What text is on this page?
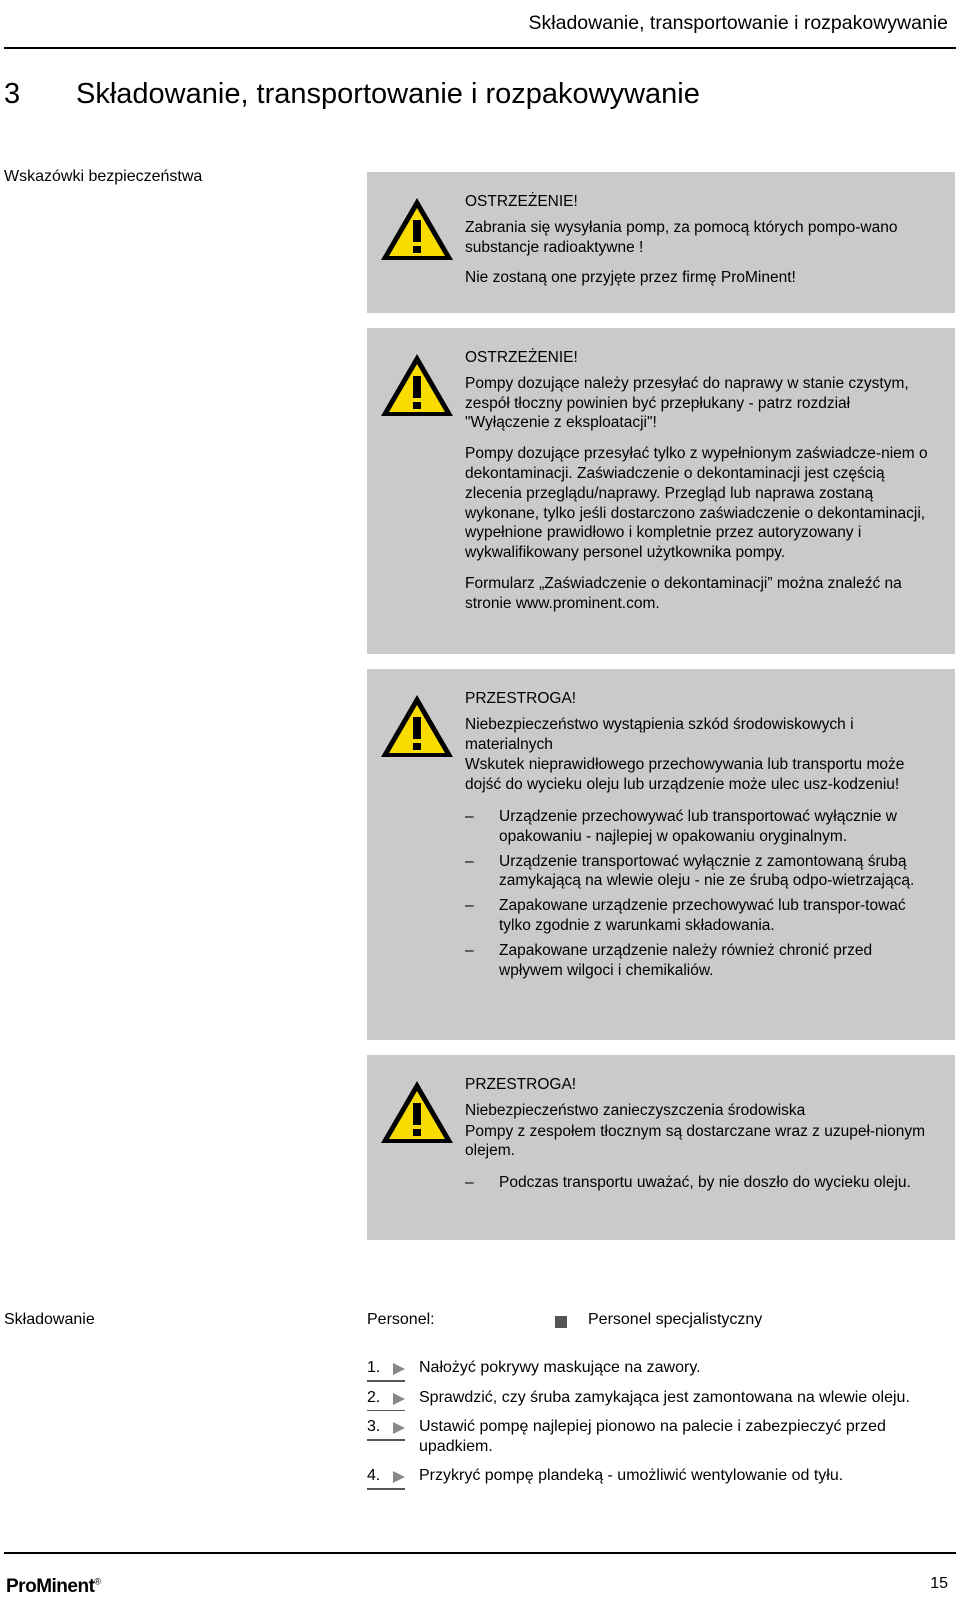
Składowanie, transportowanie i rozpakowywanie
3 Składowanie, transportowanie i rozpakowywanie
Wskazówki bezpieczeństwa

OSTRZEŻENIE!

Zabrania się wysyłania pomp, za pomocą których pompo-wano substancje radioaktywne !

Nie zostaną one przyjęte przez firmę ProMinent!

OSTRZEŻENIE!

Pompy dozujące należy przesyłać do naprawy w stanie czystym, zespół tłoczny powinien być przepłukany - patrz rozdział "Wyłączenie z eksploatacji"!

Pompy dozujące przesyłać tylko z wypełnionym zaświadcze-niem o dekontaminacji. Zaświadczenie o dekontaminacji jest częścią zlecenia przeglądu/naprawy. Przegląd lub naprawa zostaną wykonane, tylko jeśli dostarczono zaświadczenie o dekontaminacji, wypełnione prawidłowo i kompletnie przez autoryzowany i wykwalifikowany personel użytkownika pompy.

Formularz „Zaświadczenie o dekontaminacji” można znaleźć na stronie www.prominent.com.

PRZESTROGA!

Niebezpieczeństwo wystąpienia szkód środowiskowych i materialnych

Wskutek nieprawidłowego przechowywania lub transportu może dojść do wycieku oleju lub urządzenie może ulec usz-kodzeniu!

– Urządzenie przechowywać lub transportować wyłącznie w opakowaniu - najlepiej w opakowaniu oryginalnym.
– Urządzenie transportować wyłącznie z zamontowaną śrubą zamykającą na wlewie oleju - nie ze śrubą odpo-wietrzającą.
– Zapakowane urządzenie przechowywać lub transpor-tować tylko zgodnie z warunkami składowania.
– Zapakowane urządzenie należy również chronić przed wpływem wilgoci i chemikaliów.

PRZESTROGA!

Niebezpieczeństwo zanieczyszczenia środowiska

Pompy z zespołem tłocznym są dostarczane wraz z uzupeł-nionym olejem.

– Podczas transportu uważać, by nie doszło do wycieku oleju.
Składowanie	Personel:	Personel specjalistyczny
1. Nałożyć pokrywy maskujące na zawory.
2. Sprawdzić, czy śruba zamykająca jest zamontowana na wlewie oleju.
3. Ustawić pompę najlepiej pionowo na palecie i zabezpieczyć przed upadkiem.
4. Przykryć pompę plandeką - umożliwić wentylowanie od tyłu.
ProMinent®	15
